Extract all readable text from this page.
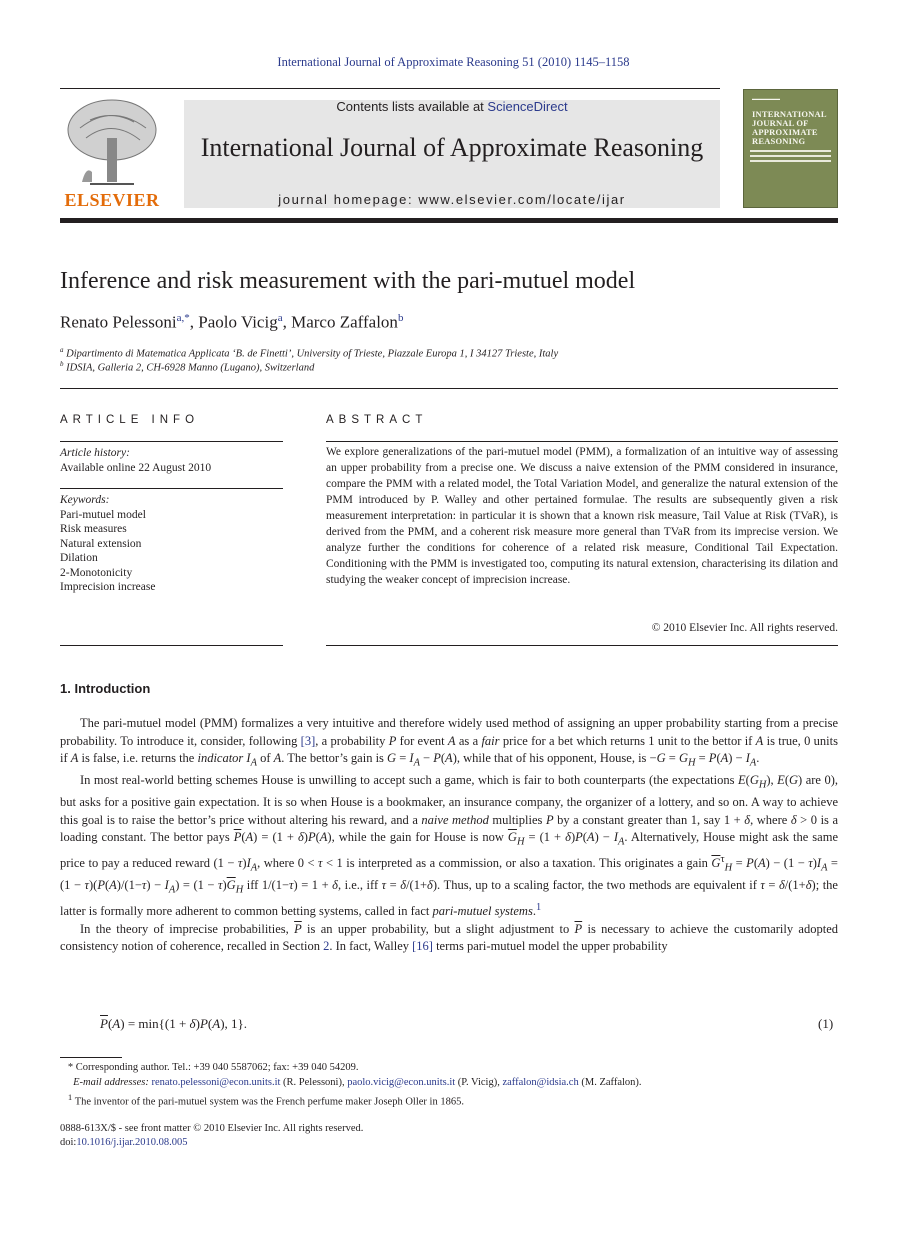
International Journal of Approximate Reasoning 51 (2010) 1145–1158
ELSEVIER
Contents lists available at ScienceDirect
International Journal of Approximate Reasoning
journal homepage: www.elsevier.com/locate/ijar
▬▬▬▬▬▬▬
INTERNATIONAL JOURNAL OF APPROXIMATE REASONING
Inference and risk measurement with the pari-mutuel model
Renato Pelessoni$^{a,*}$, Paolo Vicig$^a$, Marco Zaffalon$^b$
$^a$ Dipartimento di Matematica Applicata ‘B. de Finetti’, University of Trieste, Piazzale Europa 1, I 34127 Trieste, Italy
$^b$ IDSIA, Galleria 2, CH-6928 Manno (Lugano), Switzerland
ARTICLE INFO
Article history:
Available online 22 August 2010
Keywords:
Pari-mutuel model
Risk measures
Natural extension
Dilation
2-Monotonicity
Imprecision increase
ABSTRACT
We explore generalizations of the pari-mutuel model (PMM), a formalization of an intuitive way of assessing an upper probability from a precise one. We discuss a naive extension of the PMM considered in insurance, compare the PMM with a related model, the Total Variation Model, and generalize the natural extension of the PMM introduced by P. Walley and other pertained formulae. The results are subsequently given a risk measurement interpretation: in particular it is shown that a known risk measure, Tail Value at Risk (TVaR), is derived from the PMM, and a coherent risk measure more general than TVaR from its imprecise version. We analyze further the conditions for coherence of a related risk measure, Conditional Tail Expectation. Conditioning with the PMM is investigated too, computing its natural extension, characterising its dilation and studying the weaker concept of imprecision increase.
© 2010 Elsevier Inc. All rights reserved.
1. Introduction

The pari-mutuel model (PMM) formalizes a very intuitive and therefore widely used method of assigning an upper probability starting from a precise probability. To introduce it, consider, following [3], a probability P for event A as a fair price for a bet which returns 1 unit to the bettor if A is true, 0 units if A is false, i.e. returns the indicator $I_A$ of A. The bettor’s gain is $G = I_A - P(A)$, while that of his opponent, House, is $-G = G_H = P(A) - I_A$.

In most real-world betting schemes House is unwilling to accept such a game, which is fair to both counterparts (the expectations $E(G_H)$, E(G) are 0), but asks for a positive gain expectation. It is so when House is a bookmaker, an insurance company, the organizer of a lottery, and so on. A way to achieve this goal is to raise the bettor’s price without altering his reward, and a naive method multiplies P by a constant greater than 1, say 1 + δ, where δ > 0 is a loading constant. The bettor pays $\overline{P}(A) = (1 + \delta)P(A)$, while the gain for House is now $\overline{G}_H = (1 + \delta)P(A) - I_A$. Alternatively, House might ask the same price to pay a reduced reward $(1 - \tau)I_A$, where 0 < τ < 1 is interpreted as a commission, or also a taxation. This originates a gain $\overline{G}^\tau_H = P(A) - (1 - \tau)I_A = (1 - \tau)(P(A)/(1-\tau) - I_A) = (1 - \tau)\overline{G}_H$ iff 1/(1−τ) = 1 + δ, i.e., iff τ = δ/(1+δ). Thus, up to a scaling factor, the two methods are equivalent if τ = δ/(1+δ); the latter is formally more adherent to common betting systems, called in fact pari-mutuel systems.$^1$

In the theory of imprecise probabilities, $\overline{P}$ is an upper probability, but a slight adjustment to $\overline{P}$ is necessary to achieve the customarily adopted consistency notion of coherence, recalled in Section 2. In fact, Walley [16] terms pari-mutuel model the upper probability

$\overline{P}(A) = \min\{(1 + \delta)P(A)$, 1}.	(1)
* Corresponding author. Tel.: +39 040 5587062; fax: +39 040 54209.
E-mail addresses: renato.pelessoni@econ.units.it (R. Pelessoni), paolo.vicig@econ.units.it (P. Vicig), zaffalon@idsia.ch (M. Zaffalon).
$^1$ The inventor of the pari-mutuel system was the French perfume maker Joseph Oller in 1865.
0888-613X/$ - see front matter © 2010 Elsevier Inc. All rights reserved.
doi:10.1016/j.ijar.2010.08.005
